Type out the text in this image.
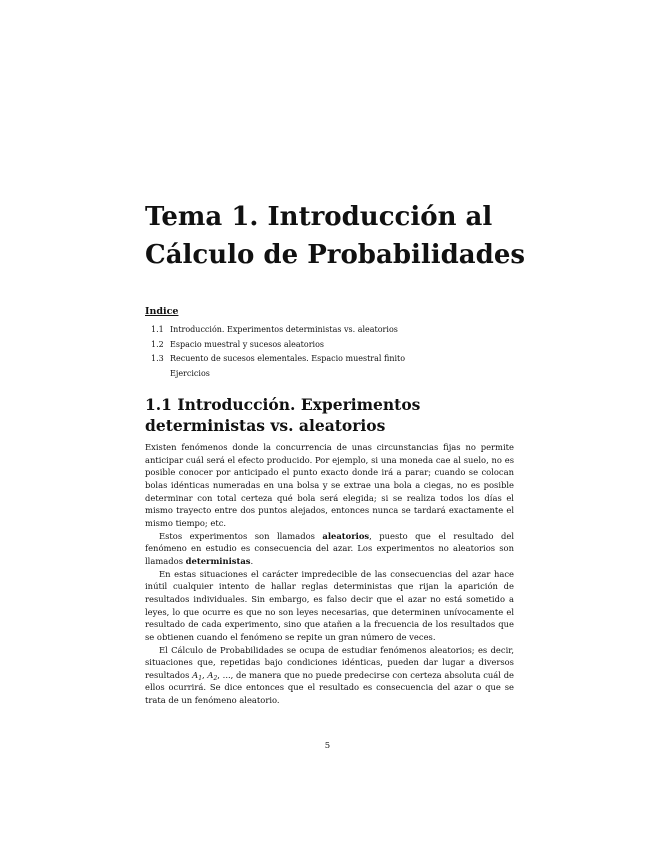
Tema 1. Introducción al
Cálculo de Probabilidades
Indice
1.1 Introducción. Experimentos deterministas vs. aleatorios
1.2 Espacio muestral y sucesos aleatorios
1.3 Recuento de sucesos elementales. Espacio muestral finito
Ejercicios
1.1 Introducción. Experimentos deterministas vs. aleatorios

Existen fenómenos donde la concurrencia de unas circunstancias fijas no permite anticipar cuál será el efecto producido. Por ejemplo, si una moneda cae al suelo, no es posible conocer por anticipado el punto exacto donde irá a parar; cuando se colocan bolas idénticas numeradas en una bolsa y se extrae una bola a ciegas, no es posible determinar con total certeza qué bola será elegida; si se realiza todos los días el mismo trayecto entre dos puntos alejados, entonces nunca se tardará exactamente el mismo tiempo; etc.

Estos experimentos son llamados aleatorios, puesto que el resultado del fenómeno en estudio es consecuencia del azar. Los experimentos no aleatorios son llamados deterministas.

En estas situaciones el carácter impredecible de las consecuencias del azar hace inútil cualquier intento de hallar reglas deterministas que rijan la aparición de resultados individuales. Sin embargo, es falso decir que el azar no está sometido a leyes, lo que ocurre es que no son leyes necesarias, que determinen unívocamente el resultado de cada experimento, sino que atañen a la frecuencia de los resultados que se obtienen cuando el fenómeno se repite un gran número de veces.

El Cálculo de Probabilidades se ocupa de estudiar fenómenos aleatorios; es decir, situaciones que, repetidas bajo condiciones idénticas, pueden dar lugar a diversos resultados $A_1$, $A_2$, ..., de manera que no puede predecirse con certeza absoluta cuál de ellos ocurrirá. Se dice entonces que el resultado es consecuencia del azar o que se trata de un fenómeno aleatorio.

5
